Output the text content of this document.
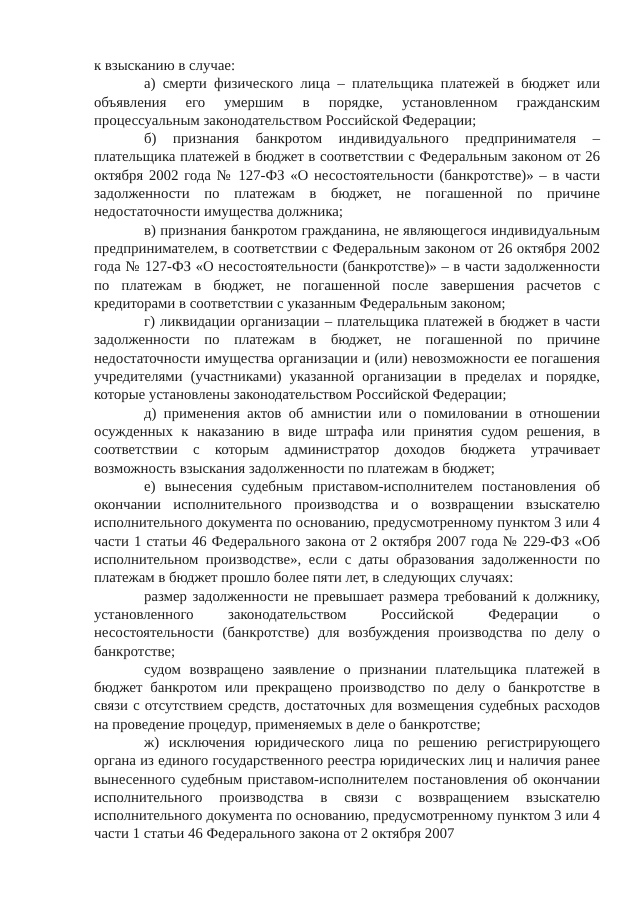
к взысканию в случае:

а) смерти физического лица – плательщика платежей в бюджет или объявления его умершим в порядке, установленном гражданским процессуальным законодательством Российской Федерации;

б) признания банкротом индивидуального предпринимателя – плательщика платежей в бюджет в соответствии с Федеральным законом от 26 октября 2002 года № 127-ФЗ «О несостоятельности (банкротстве)» – в части задолженности по платежам в бюджет, не погашенной по причине недостаточности имущества должника;

в) признания банкротом гражданина, не являющегося индивидуальным предпринимателем, в соответствии с Федеральным законом от 26 октября 2002 года № 127-ФЗ «О несостоятельности (банкротстве)» – в части задолженности по платежам в бюджет, не погашенной после завершения расчетов с кредиторами в соответствии с указанным Федеральным законом;

г) ликвидации организации – плательщика платежей в бюджет в части задолженности по платежам в бюджет, не погашенной по причине недостаточности имущества организации и (или) невозможности ее погашения учредителями (участниками) указанной организации в пределах и порядке, которые установлены законодательством Российской Федерации;

д) применения актов об амнистии или о помиловании в отношении осужденных к наказанию в виде штрафа или принятия судом решения, в соответствии с которым администратор доходов бюджета утрачивает возможность взыскания задолженности по платежам в бюджет;

е) вынесения судебным приставом-исполнителем постановления об окончании исполнительного производства и о возвращении взыскателю исполнительного документа по основанию, предусмотренному пунктом 3 или 4 части 1 статьи 46 Федерального закона от 2 октября 2007 года № 229-ФЗ «Об исполнительном производстве», если с даты образования задолженности по платежам в бюджет прошло более пяти лет, в следующих случаях:

размер задолженности не превышает размера требований к должнику, установленного законодательством Российской Федерации о несостоятельности (банкротстве) для возбуждения производства по делу о банкротстве;

судом возвращено заявление о признании плательщика платежей в бюджет банкротом или прекращено производство по делу о банкротстве в связи с отсутствием средств, достаточных для возмещения судебных расходов на проведение процедур, применяемых в деле о банкротстве;

ж) исключения юридического лица по решению регистрирующего органа из единого государственного реестра юридических лиц и наличия ранее вынесенного судебным приставом-исполнителем постановления об окончании исполнительного производства в связи с возвращением взыскателю исполнительного документа по основанию, предусмотренному пунктом 3 или 4 части 1 статьи 46 Федерального закона от 2 октября 2007
